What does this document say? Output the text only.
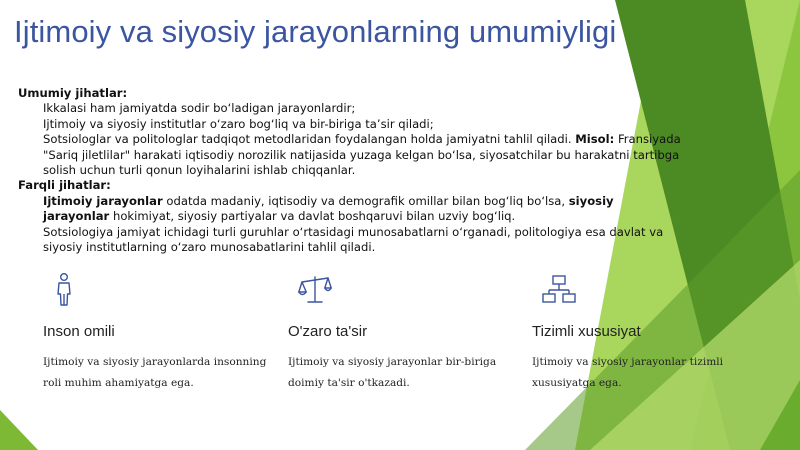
Ijtimoiy va siyosiy jarayonlarning umumiyligi
Umumiy jihatlar:
Ikkalasi ham jamiyatda sodir bo‘ladigan jarayonlardir;
Ijtimoiy va siyosiy institutlar o‘zaro bog‘liq va bir-biriga ta’sir qiladi;
Sotsiologlar va politologlar tadqiqot metodlaridan foydalangan holda jamiyatni tahlil qiladi. Misol: Fransiyada "Sariq jiletlilar" harakati iqtisodiy norozilik natijasida yuzaga kelgan bo‘lsa, siyosatchilar bu harakatni tartibga solish uchun turli qonun loyihalarini ishlab chiqqanlar.
Farqli jihatlar:
Ijtimoiy jarayonlar odatda madaniy, iqtisodiy va demografik omillar bilan bog‘liq bo‘lsa, siyosiy jarayonlar hokimiyat, siyosiy partiyalar va davlat boshqaruvi bilan uzviy bog‘liq.
Sotsiologiya jamiyat ichidagi turli guruhlar o‘rtasidagi munosabatlarni o‘rganadi, politologiya esa davlat va siyosiy institutlarning o‘zaro munosabatlarini tahlil qiladi.
Inson omili
Ijtimoiy va siyosiy jarayonlarda insonning roli muhim ahamiyatga ega.
O'zaro ta'sir
Ijtimoiy va siyosiy jarayonlar bir-biriga doimiy ta'sir o'tkazadi.
Tizimli xususiyat
Ijtimoiy va siyosiy jarayonlar tizimli xususiyatga ega.
